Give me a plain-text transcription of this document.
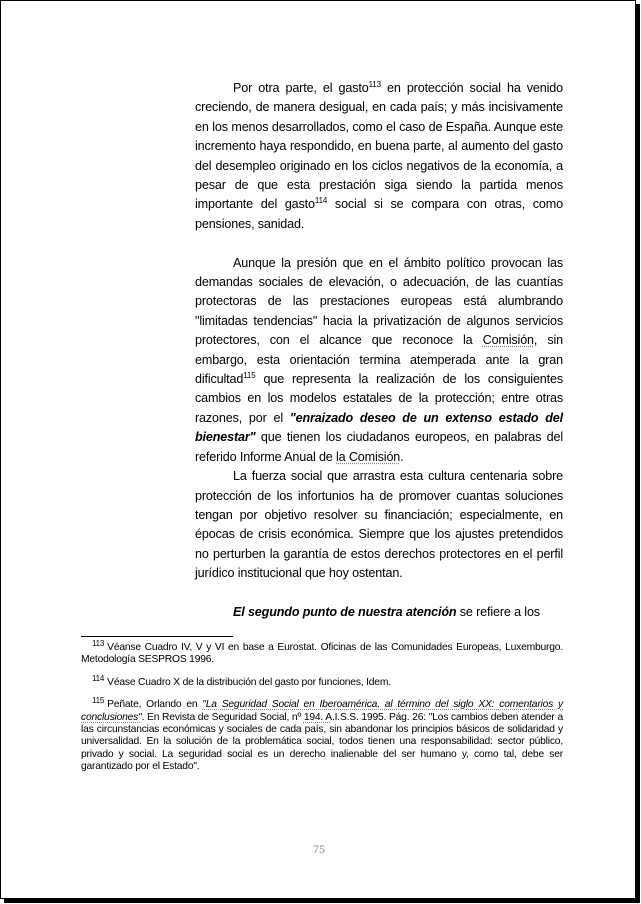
Por otra parte, el gasto$^{113}$ en protección social ha venido creciendo, de manera desigual, en cada país; y más incisivamente en los menos desarrollados, como el caso de España. Aunque este incremento haya respondido, en buena parte, al aumento del gasto del desempleo originado en los ciclos negativos de la economía, a pesar de que esta prestación siga siendo la partida menos importante del gasto$^{114}$ social si se compara con otras, como pensiones, sanidad.

Aunque la presión que en el ámbito político provocan las demandas sociales de elevación, o adecuación, de las cuantías protectoras de las prestaciones europeas está alumbrando "limitadas tendencias" hacia la privatización de algunos servicios protectores, con el alcance que reconoce la Comisión, sin embargo, esta orientación termina atemperada ante la gran dificultad$^{115}$ que representa la realización de los consiguientes cambios en los modelos estatales de la protección; entre otras razones, por el "enraizado deseo de un extenso estado del bienestar" que tienen los ciudadanos europeos, en palabras del referido Informe Anual de la Comisión.

La fuerza social que arrastra esta cultura centenaria sobre protección de los infortunios ha de promover cuantas soluciones tengan por objetivo resolver su financiación; especialmente, en épocas de crisis económica. Siempre que los ajustes pretendidos no perturben la garantía de estos derechos protectores en el perfil jurídico institucional que hoy ostentan.

El segundo punto de nuestra atención se refiere a los

$^{113}$ Véanse Cuadro IV, V y VI en base a Eurostat. Oficinas de las Comunidades Europeas, Luxemburgo. Metodología SESPROS 1996.

$^{114}$ Véase Cuadro X de la distribución del gasto por funciones, Idem.

$^{115}$ Peñate, Orlando en "La Seguridad Social en Iberoamérica, al término del siglo XX: comentarios y conclusiones". En Revista de Seguridad Social, nº 194. A.I.S.S. 1995. Pág. 26: "Los cambios deben atender a las circunstancias económicas y sociales de cada país, sin abandonar los principios básicos de solidaridad y universalidad. En la solución de la problemática social, todos tienen una responsabilidad: sector público, privado y social. La seguridad social es un derecho inalienable del ser humano y, como tal, debe ser garantizado por el Estado".

75
